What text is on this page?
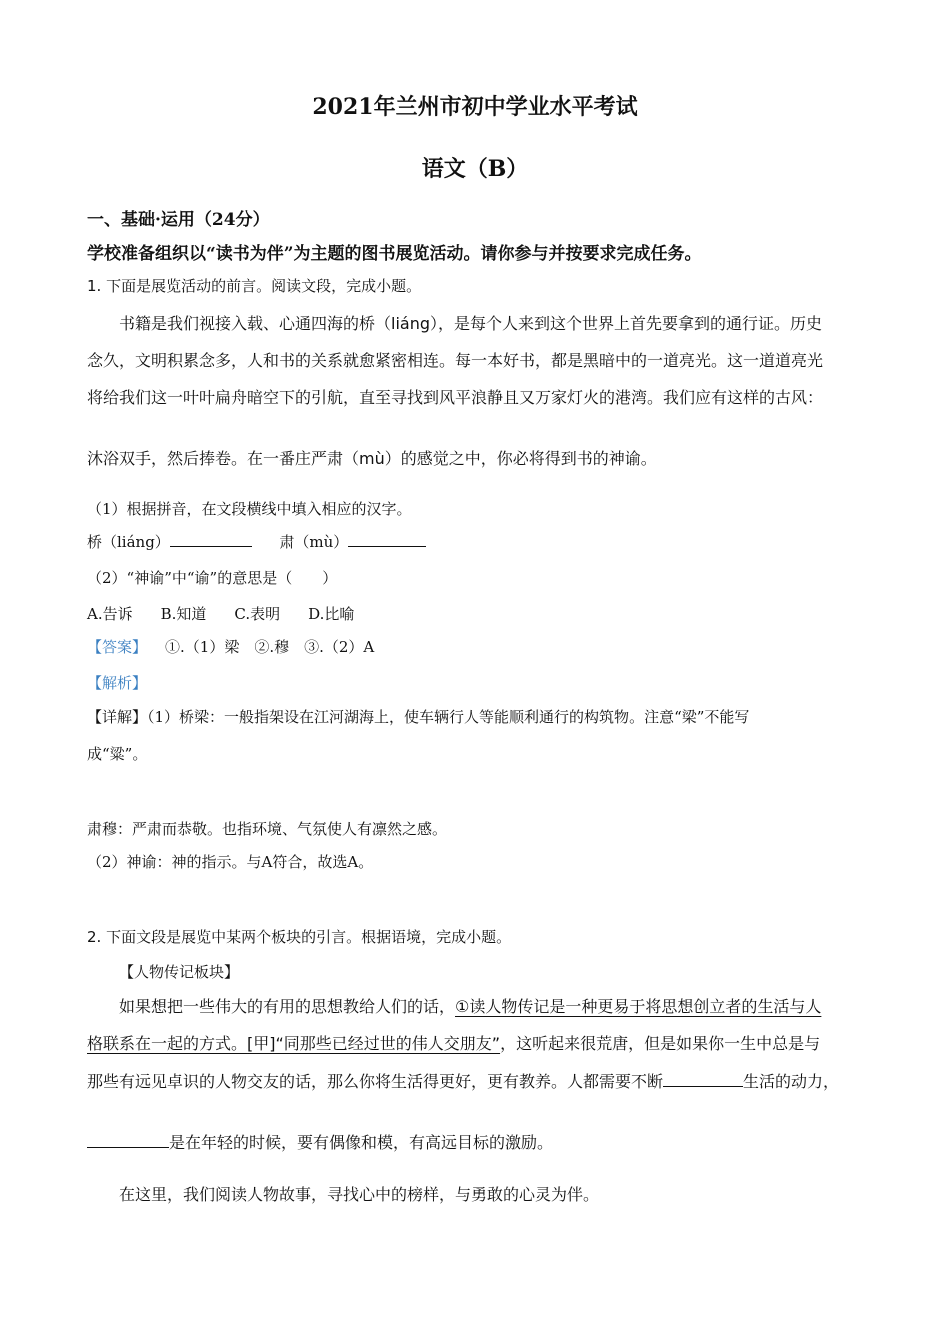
2021年兰州市初中学业水平考试
语文（B）
一、基础·运用（24分）
学校准备组织以“读书为伴”为主题的图书展览活动。请你参与并按要求完成任务。
1. 下面是展览活动的前言。阅读文段，完成小题。
书籍是我们视接入载、心通四海的桥（liáng），是每个人来到这个世界上首先要拿到的通行证。历史
念久，文明积累念多，人和书的关系就愈紧密相连。每一本好书，都是黑暗中的一道亮光。这一道道亮光
将给我们这一叶叶扁舟暗空下的引航，直至寻找到风平浪静且又万家灯火的港湾。我们应有这样的古风：
沐浴双手，然后捧卷。在一番庄严肃（mù）的感觉之中，你必将得到书的神谕。
（1）根据拼音，在文段横线中填入相应的汉字。
桥（liáng）	肃（mù）
（2）“神谕”中“谕”的意思是（　　）
A.告诉 B.知道 C.表明 D.比喻
【答案】 ①.（1）梁　②.穆　③.（2）A
【解析】
【详解】（1）桥梁：一般指架设在江河湖海上，使车辆行人等能顺利通行的构筑物。注意“梁”不能写
成“粱”。
肃穆：严肃而恭敬。也指环境、气氛使人有凛然之感。
（2）神谕：神的指示。与A符合，故选A。
2. 下面文段是展览中某两个板块的引言。根据语境，完成小题。
【人物传记板块】
如果想把一些伟大的有用的思想教给人们的话，①读人物传记是一种更易于将思想创立者的生活与人
格联系在一起的方式。[甲]“同那些已经过世的伟人交朋友”，这听起来很荒唐，但是如果你一生中总是与
那些有远见卓识的人物交友的话，那么你将生活得更好，更有教养。人都需要不断	生活的动力，
是在年轻的时候，要有偶像和模，有高远目标的激励。
在这里，我们阅读人物故事，寻找心中的榜样，与勇敢的心灵为伴。
